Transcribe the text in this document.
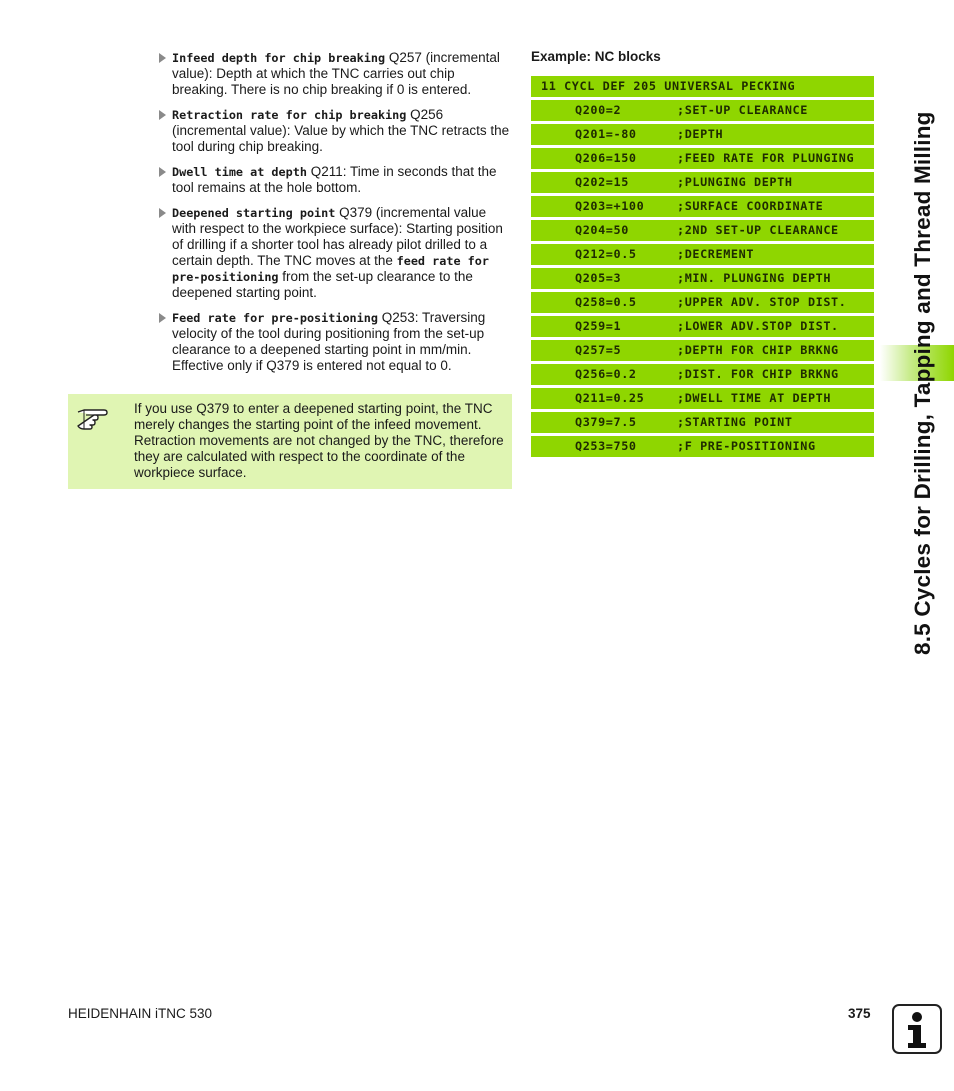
Infeed depth for chip breaking Q257 (incremental value): Depth at which the TNC carries out chip breaking. There is no chip breaking if 0 is entered.
Retraction rate for chip breaking Q256 (incremental value): Value by which the TNC retracts the tool during chip breaking.
Dwell time at depth Q211: Time in seconds that the tool remains at the hole bottom.
Deepened starting point Q379 (incremental value with respect to the workpiece surface): Starting position of drilling if a shorter tool has already pilot drilled to a certain depth. The TNC moves at the feed rate for pre-positioning from the set-up clearance to the deepened starting point.
Feed rate for pre-positioning Q253: Traversing velocity of the tool during positioning from the set-up clearance to a deepened starting point in mm/min. Effective only if Q379 is entered not equal to 0.
If you use Q379 to enter a deepened starting point, the TNC merely changes the starting point of the infeed movement. Retraction movements are not changed by the TNC, therefore they are calculated with respect to the coordinate of the workpiece surface.
Example: NC blocks

11 CYCL DEF 205 UNIVERSAL PECKING

Q200=2	;SET-UP CLEARANCE
Q201=-80	;DEPTH
Q206=150	;FEED RATE FOR PLUNGING
Q202=15	;PLUNGING DEPTH
Q203=+100	;SURFACE COORDINATE
Q204=50	;2ND SET-UP CLEARANCE
Q212=0.5	;DECREMENT
Q205=3	;MIN. PLUNGING DEPTH
Q258=0.5	;UPPER ADV. STOP DIST.
Q259=1	;LOWER ADV.STOP DIST.
Q257=5	;DEPTH FOR CHIP BRKNG
Q256=0.2	;DIST. FOR CHIP BRKNG
Q211=0.25	;DWELL TIME AT DEPTH
Q379=7.5	;STARTING POINT
Q253=750	;F PRE-POSITIONING	8.5 Cycles for Drilling, Tapping and Thread Milling
HEIDENHAIN iTNC 530	375
